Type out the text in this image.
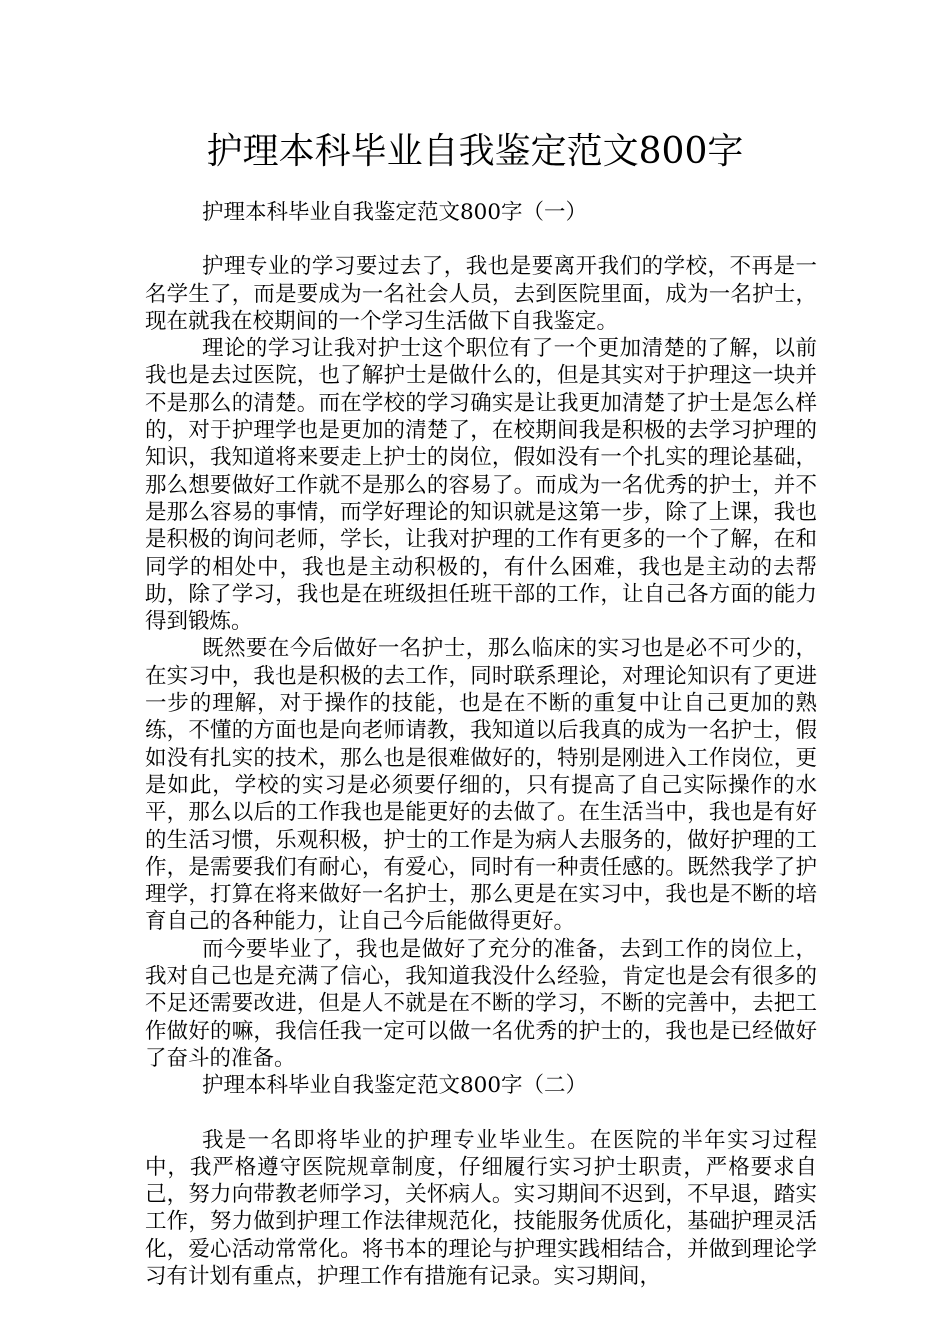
护理本科毕业自我鉴定范文800字
护理本科毕业自我鉴定范文800字（一）

护理专业的学习要过去了，我也是要离开我们的学校，不再是一名学生了，而是要成为一名社会人员，去到医院里面，成为一名护士，现在就我在校期间的一个学习生活做下自我鉴定。

理论的学习让我对护士这个职位有了一个更加清楚的了解，以前我也是去过医院，也了解护士是做什么的，但是其实对于护理这一块并不是那么的清楚。而在学校的学习确实是让我更加清楚了护士是怎么样的，对于护理学也是更加的清楚了，在校期间我是积极的去学习护理的知识，我知道将来要走上护士的岗位，假如没有一个扎实的理论基础，那么想要做好工作就不是那么的容易了。而成为一名优秀的护士，并不是那么容易的事情，而学好理论的知识就是这第一步，除了上课，我也是积极的询问老师，学长，让我对护理的工作有更多的一个了解，在和同学的相处中，我也是主动积极的，有什么困难，我也是主动的去帮助，除了学习，我也是在班级担任班干部的工作，让自己各方面的能力得到锻炼。

既然要在今后做好一名护士，那么临床的实习也是必不可少的，在实习中，我也是积极的去工作，同时联系理论，对理论知识有了更进一步的理解，对于操作的技能，也是在不断的重复中让自己更加的熟练，不懂的方面也是向老师请教，我知道以后我真的成为一名护士，假如没有扎实的技术，那么也是很难做好的，特别是刚进入工作岗位，更是如此，学校的实习是必须要仔细的，只有提高了自己实际操作的水平，那么以后的工作我也是能更好的去做了。在生活当中，我也是有好的生活习惯，乐观积极，护士的工作是为病人去服务的，做好护理的工作，是需要我们有耐心，有爱心，同时有一种责任感的。既然我学了护理学，打算在将来做好一名护士，那么更是在实习中，我也是不断的培育自己的各种能力，让自己今后能做得更好。

而今要毕业了，我也是做好了充分的准备，去到工作的岗位上，我对自己也是充满了信心，我知道我没什么经验，肯定也是会有很多的不足还需要改进，但是人不就是在不断的学习，不断的完善中，去把工作做好的嘛，我信任我一定可以做一名优秀的护士的，我也是已经做好了奋斗的准备。

护理本科毕业自我鉴定范文800字（二）

我是一名即将毕业的护理专业毕业生。在医院的半年实习过程中，我严格遵守医院规章制度，仔细履行实习护士职责，严格要求自己，努力向带教老师学习，关怀病人。实习期间不迟到，不早退，踏实工作，努力做到护理工作法律规范化，技能服务优质化，基础护理灵活化，爱心活动常常化。将书本的理论与护理实践相结合，并做到理论学习有计划有重点，护理工作有措施有记录。实习期间，
